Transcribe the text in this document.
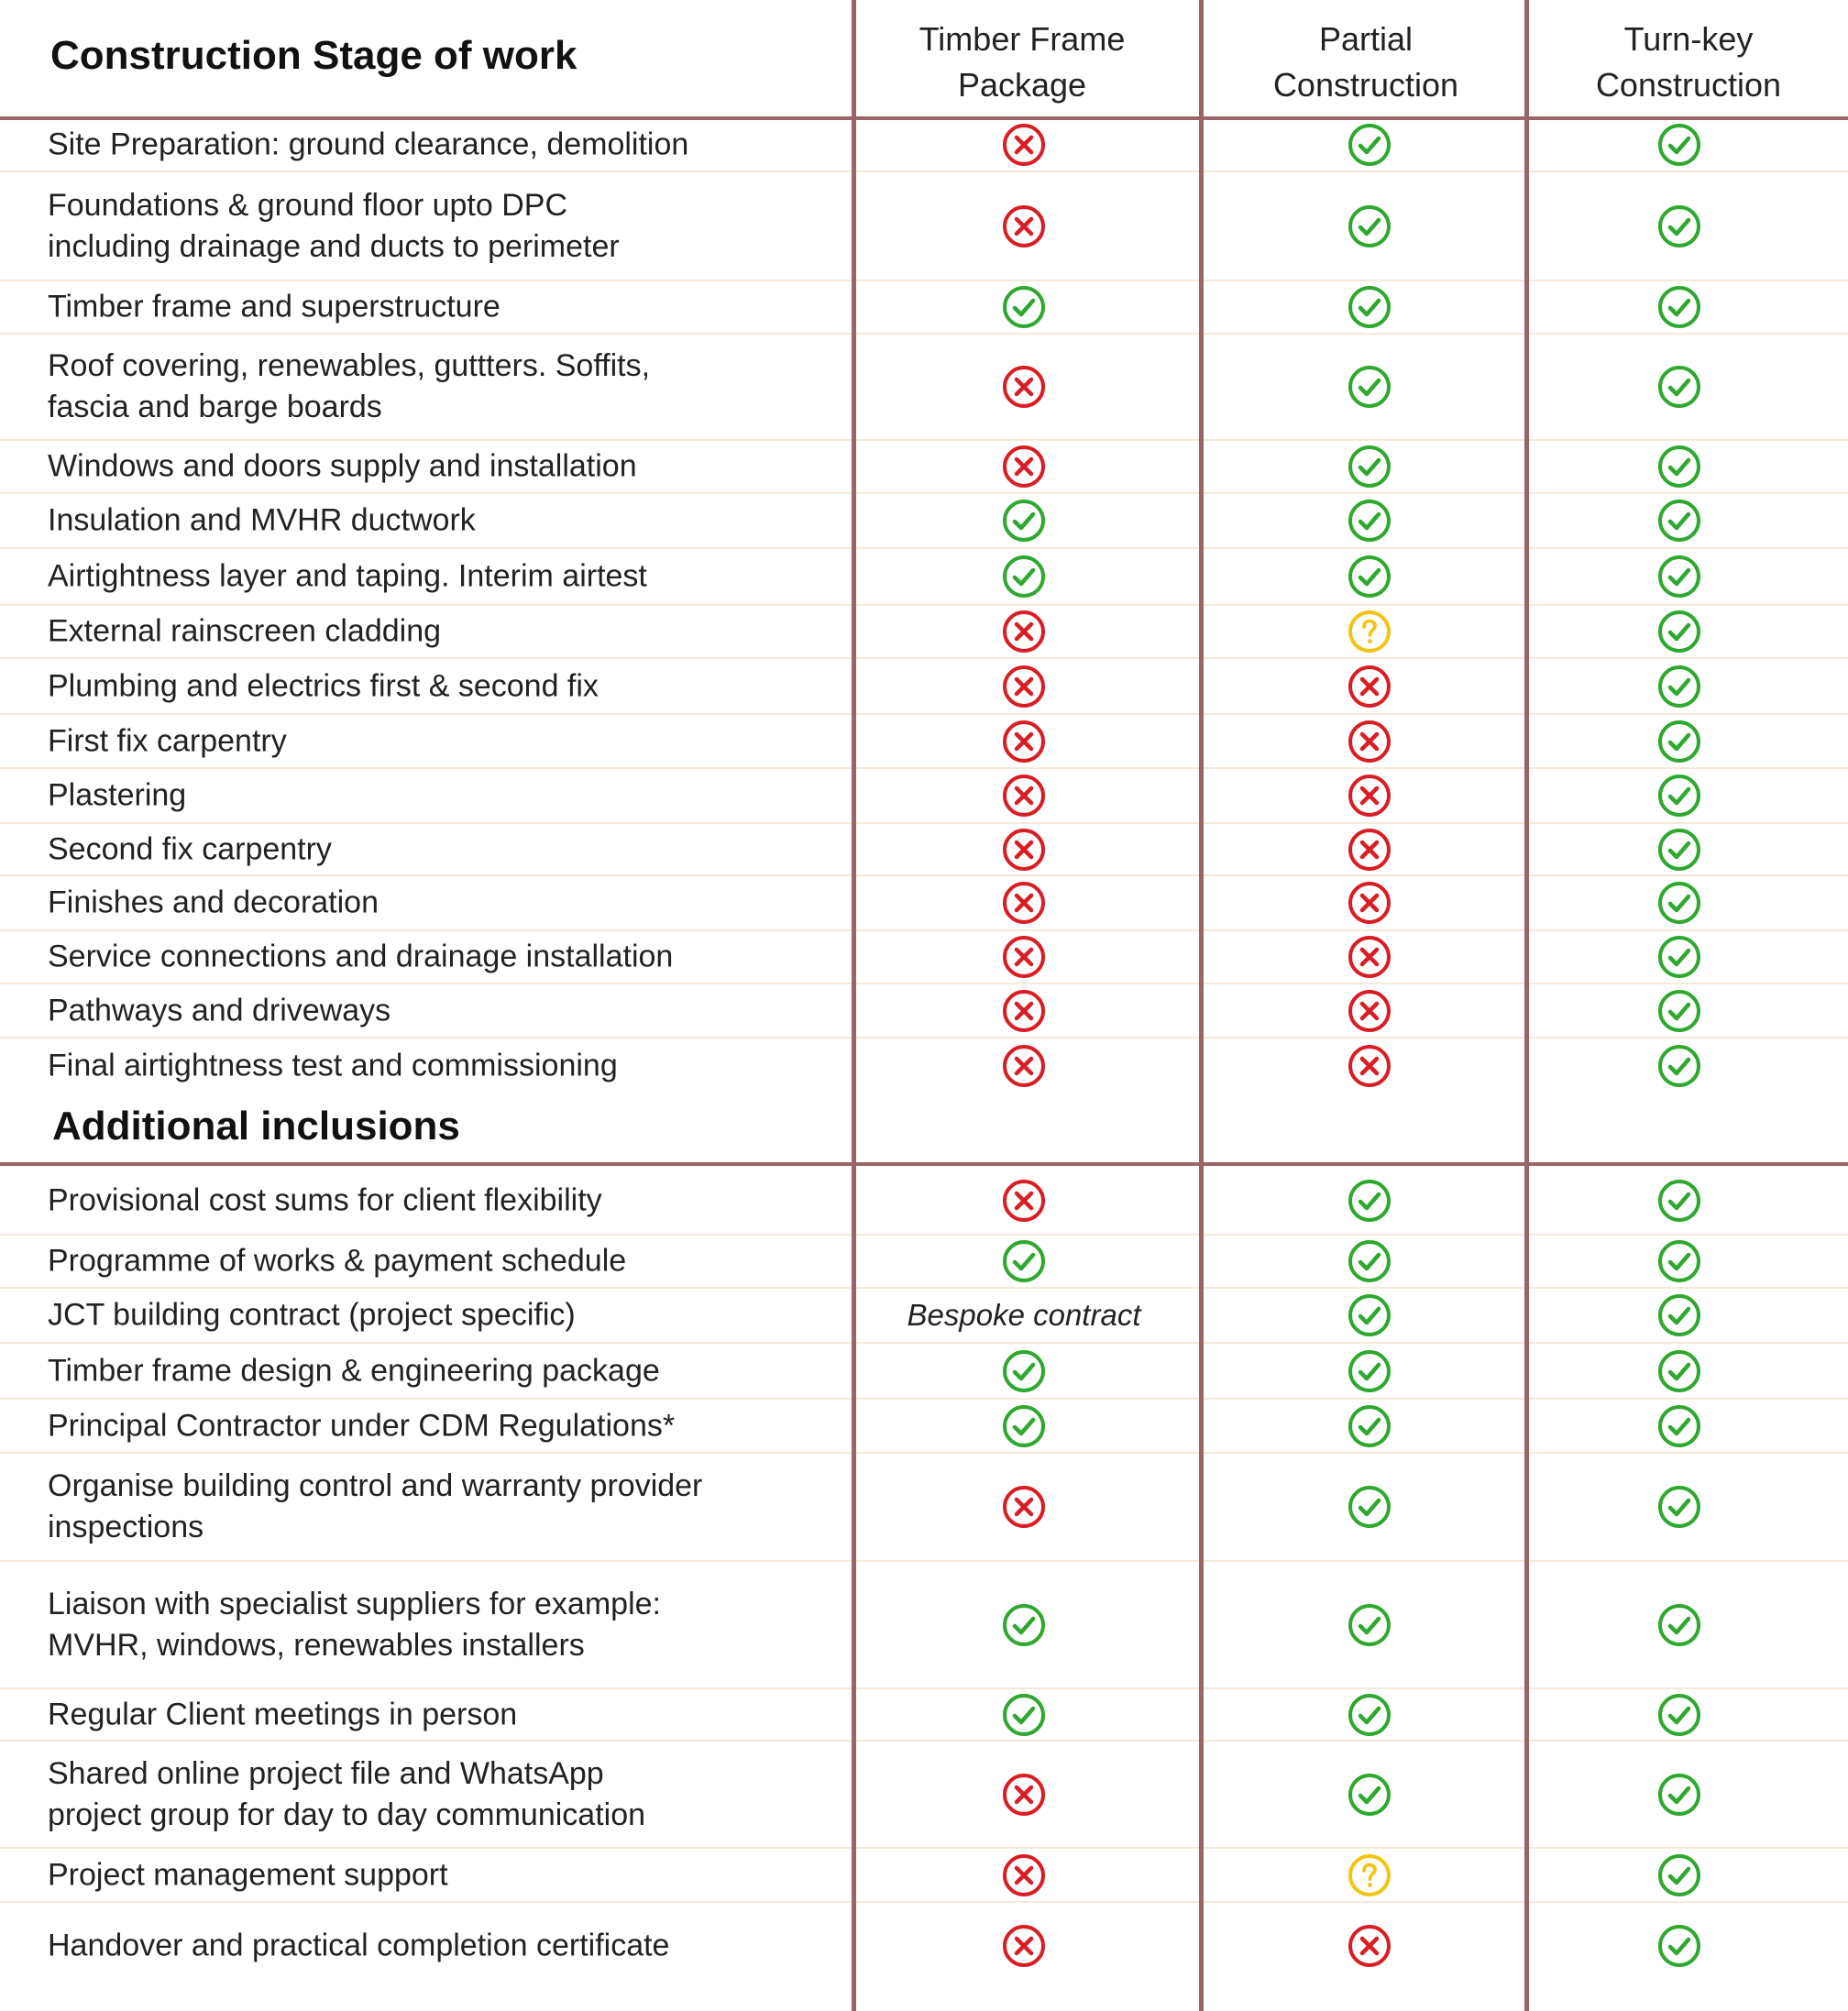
Construction Stage of work	Timber Frame
Package
Partial
Construction
Turn-key
Construction
Additional inclusions
Site Preparation: ground clearance, demolition
Foundations & ground floor upto DPC
including drainage and ducts to perimeter
Timber frame and superstructure
Roof covering, renewables, guttters. Soffits,
fascia and barge boards
Windows and doors supply and installation
Insulation and MVHR ductwork
Airtightness layer and taping. Interim airtest
External rainscreen cladding
Plumbing and electrics first & second fix
First fix carpentry
Plastering
Second fix carpentry
Finishes and decoration
Service connections and drainage installation
Pathways and driveways
Final airtightness test and commissioning
Provisional cost sums for client flexibility
Programme of works & payment schedule
JCT building contract (project specific)	Bespoke contract
Timber frame design & engineering package
Principal Contractor under CDM Regulations*
Organise building control and warranty provider
inspections
Liaison with specialist suppliers for example:
MVHR, windows, renewables installers
Regular Client meetings in person
Shared online project file and WhatsApp
project group for day to day communication
Project management support
Handover and practical completion certificate
